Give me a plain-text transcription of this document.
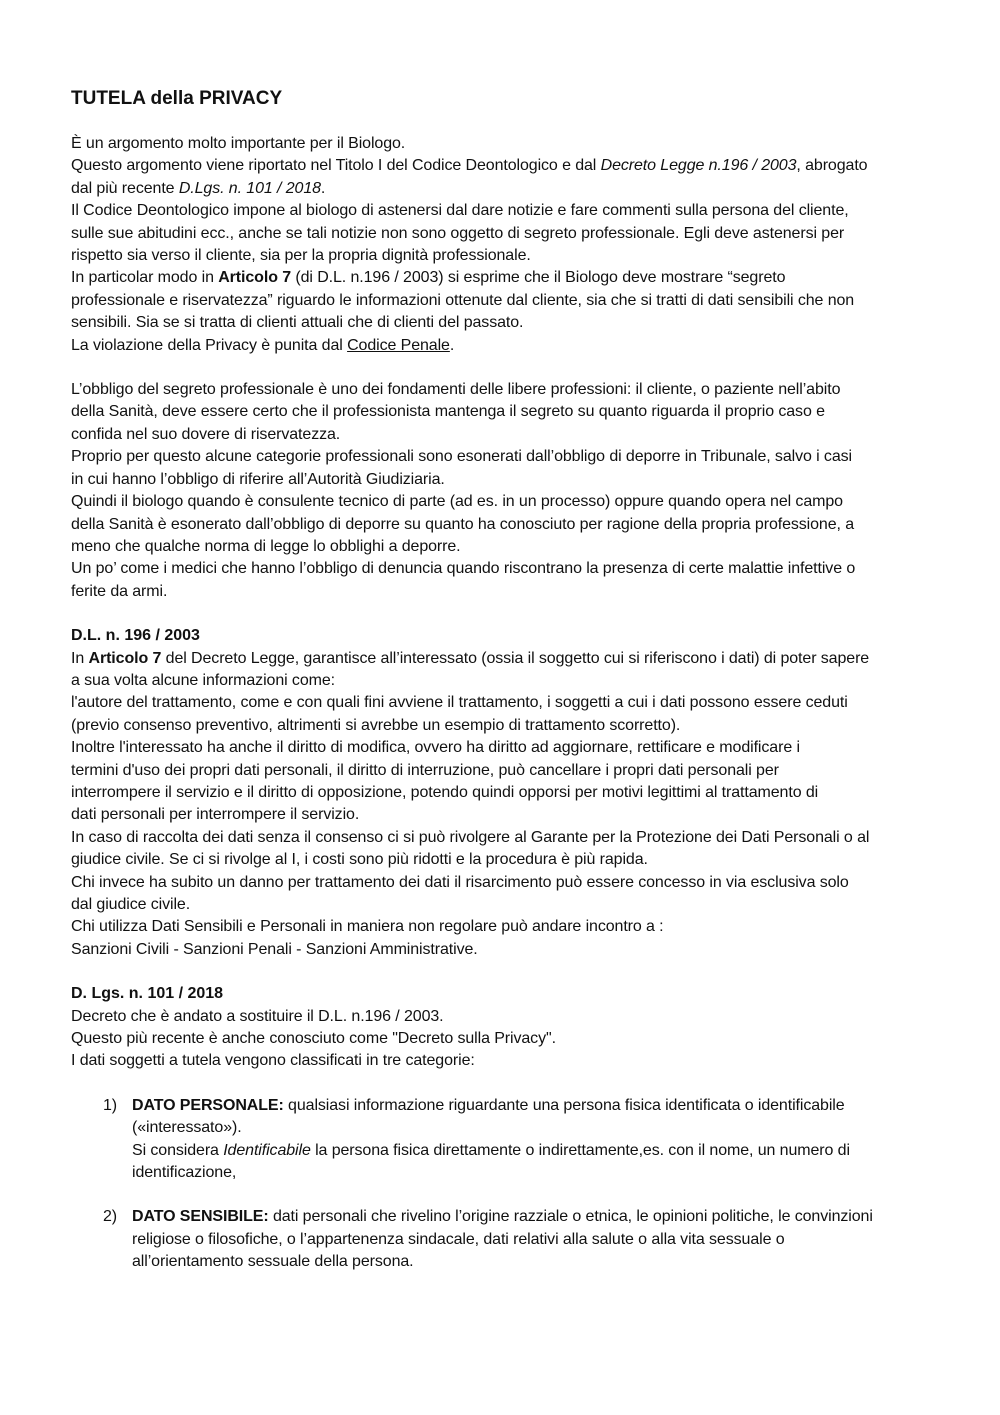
TUTELA della PRIVACY
È un argomento molto importante per il Biologo.
Questo argomento viene riportato nel Titolo I del Codice Deontologico e dal Decreto Legge n.196 / 2003, abrogato
dal più recente D.Lgs. n. 101 / 2018.
Il Codice Deontologico impone al biologo di astenersi dal dare notizie e fare commenti sulla persona del cliente,
sulle sue abitudini ecc., anche se tali notizie non sono oggetto di segreto professionale. Egli deve astenersi per
rispetto sia verso il cliente, sia per la propria dignità professionale.
In particolar modo in Articolo 7 (di D.L. n.196 / 2003) si esprime che il Biologo deve mostrare “segreto
professionale e riservatezza” riguardo le informazioni ottenute dal cliente, sia che si tratti di dati sensibili che non
sensibili. Sia se si tratta di clienti attuali che di clienti del passato.
La violazione della Privacy è punita dal Codice Penale.
L’obbligo del segreto professionale è uno dei fondamenti delle libere professioni: il cliente, o paziente nell’abito
della Sanità, deve essere certo che il professionista mantenga il segreto su quanto riguarda il proprio caso e
confida nel suo dovere di riservatezza.
Proprio per questo alcune categorie professionali sono esonerati dall’obbligo di deporre in Tribunale, salvo i casi
in cui hanno l’obbligo di riferire all’Autorità Giudiziaria.
Quindi il biologo quando è consulente tecnico di parte (ad es. in un processo) oppure quando opera nel campo
della Sanità è esonerato dall’obbligo di deporre su quanto ha conosciuto per ragione della propria professione, a
meno che qualche norma di legge lo obblighi a deporre.
Un po’ come i medici che hanno l’obbligo di denuncia quando riscontrano la presenza di certe malattie infettive o
ferite da armi.
D.L. n. 196 / 2003
In Articolo 7 del Decreto Legge, garantisce all’interessato (ossia il soggetto cui si riferiscono i dati) di poter sapere
a sua volta alcune informazioni come:
l'autore del trattamento, come e con quali fini avviene il trattamento, i soggetti a cui i dati possono essere ceduti
(previo consenso preventivo, altrimenti si avrebbe un esempio di trattamento scorretto).
Inoltre l'interessato ha anche il diritto di modifica, ovvero ha diritto ad aggiornare, rettificare e modificare i
termini d'uso dei propri dati personali, il diritto di interruzione, può cancellare i propri dati personali per
interrompere il servizio e il diritto di opposizione, potendo quindi opporsi per motivi legittimi al trattamento di
dati personali per interrompere il servizio.
In caso di raccolta dei dati senza il consenso ci si può rivolgere al Garante per la Protezione dei Dati Personali o al
giudice civile. Se ci si rivolge al I, i costi sono più ridotti e la procedura è più rapida.
Chi invece ha subito un danno per trattamento dei dati il risarcimento può essere concesso in via esclusiva solo
dal giudice civile.
Chi utilizza Dati Sensibili e Personali in maniera non regolare può andare incontro a :
Sanzioni Civili - Sanzioni Penali - Sanzioni Amministrative.
D. Lgs. n. 101 / 2018
Decreto che è andato a sostituire il D.L. n.196 / 2003.
Questo più recente è anche conosciuto come "Decreto sulla Privacy".
I dati soggetti a tutela vengono classificati in tre categorie:
1) DATO PERSONALE: qualsiasi informazione riguardante una persona fisica identificata o identificabile
(«interessato»).
Si considera Identificabile la persona fisica direttamente o indirettamente,es. con il nome, un numero di
identificazione,
2) DATO SENSIBILE: dati personali che rivelino l’origine razziale o etnica, le opinioni politiche, le convinzioni
religiose o filosofiche, o l’appartenenza sindacale, dati relativi alla salute o alla vita sessuale o
all’orientamento sessuale della persona.
